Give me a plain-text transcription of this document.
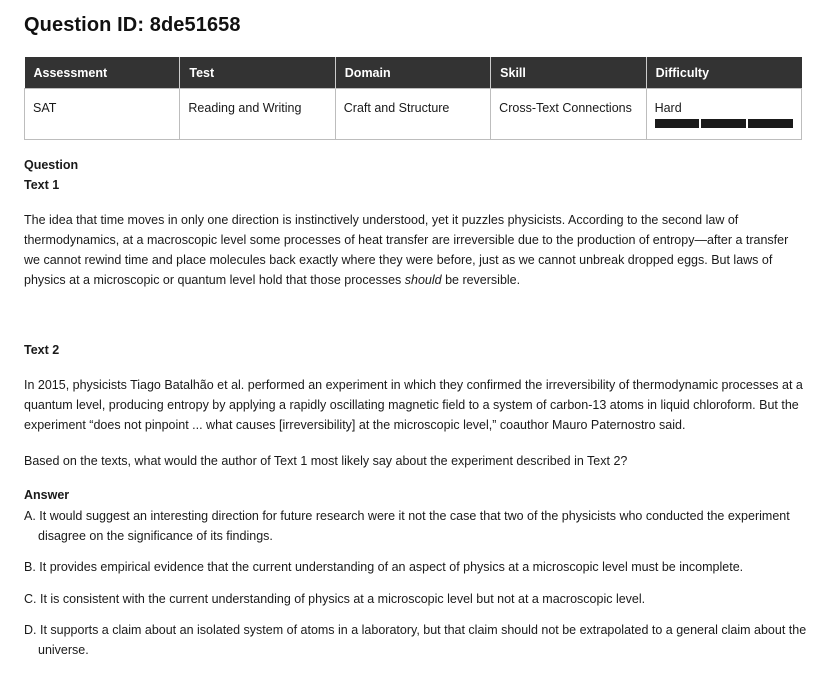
Question ID: 8de51658
Assessment	Test	Domain	Skill	Difficulty
SAT	Reading and Writing	Craft and Structure	Cross-Text Connections	Hard

Question

Text 1

The idea that time moves in only one direction is instinctively understood, yet it puzzles physicists. According to the second law of thermodynamics, at a macroscopic level some processes of heat transfer are irreversible due to the production of entropy—after a transfer we cannot rewind time and place molecules back exactly where they were before, just as we cannot unbreak dropped eggs. But laws of physics at a microscopic or quantum level hold that those processes should be reversible.

Text 2

In 2015, physicists Tiago Batalhão et al. performed an experiment in which they confirmed the irreversibility of thermodynamic processes at a quantum level, producing entropy by applying a rapidly oscillating magnetic field to a system of carbon-13 atoms in liquid chloroform. But the experiment “does not pinpoint ... what causes [irreversibility] at the microscopic level,” coauthor Mauro Paternostro said.

Based on the texts, what would the author of Text 1 most likely say about the experiment described in Text 2?

Answer

A. It would suggest an interesting direction for future research were it not the case that two of the physicists who conducted the experiment disagree on the significance of its findings.

B. It provides empirical evidence that the current understanding of an aspect of physics at a microscopic level must be incomplete.

C. It is consistent with the current understanding of physics at a microscopic level but not at a macroscopic level.

D. It supports a claim about an isolated system of atoms in a laboratory, but that claim should not be extrapolated to a general claim about the universe.
